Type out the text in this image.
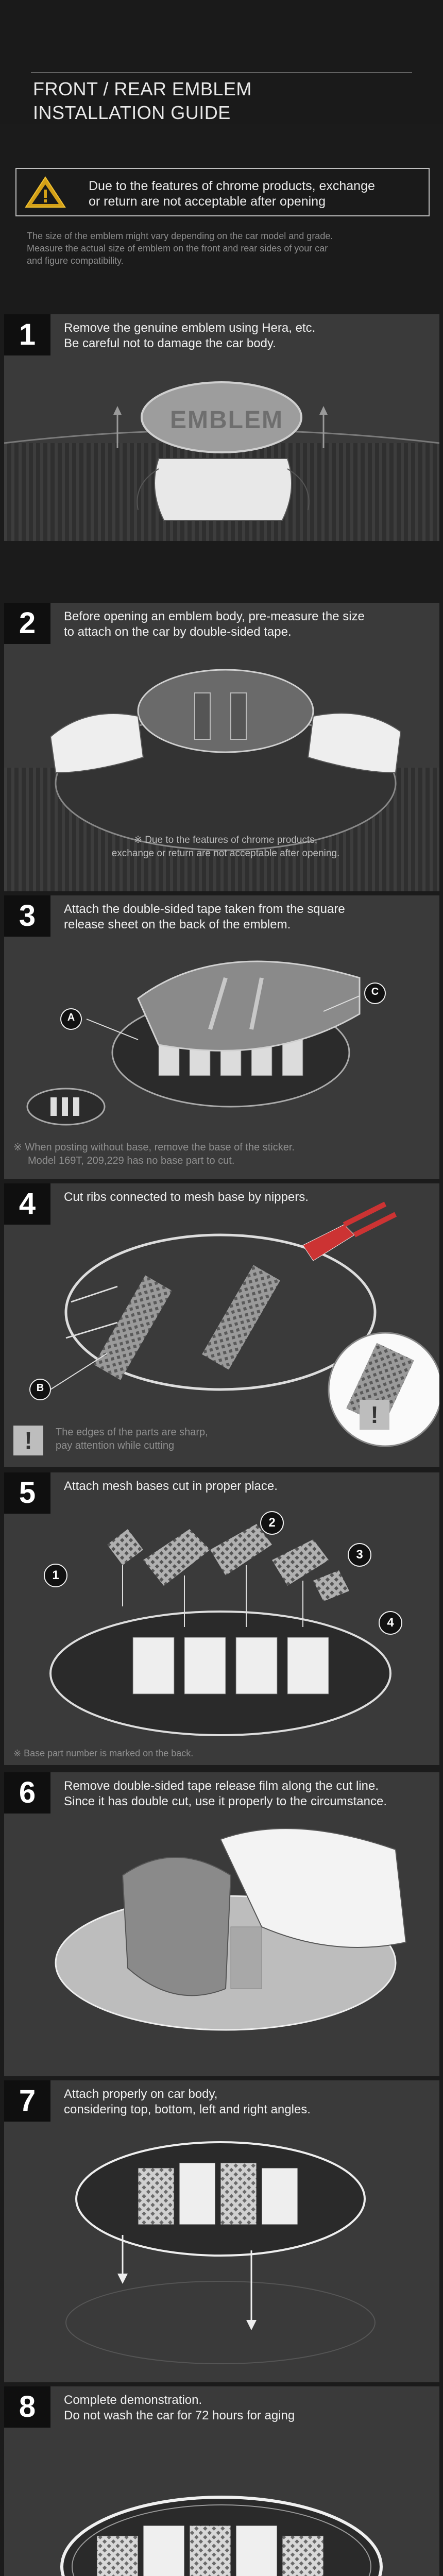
FRONT / REAR EMBLEM
INSTALLATION GUIDE
Due to the features of chrome products, exchange
or return are not acceptable after opening
The size of the emblem might vary depending on the car model and grade.
Measure the actual size of emblem on the front and rear sides of your car
and figure compatibility.
1	Remove the genuine emblem using Hera, etc.
Be careful not to damage the car body.
EMBLEM
2	Before opening an emblem body, pre-measure the size
to attach on the car by double-sided tape.
※ Due to the features of chrome products,
exchange or return are not acceptable after opening.
A
C
3	Attach the double-sided tape taken from the square
release sheet on the back of the emblem.
※ When posting without base, remove the base of the sticker.
Model 169T, 209,229 has no base part to cut.
B
!
4	Cut ribs connected to mesh base by nippers.
!	The edges of the parts are sharp,
pay attention while cutting
1
2
3
4
5	Attach mesh bases cut in proper place.
※ Base part number is marked on the back.
6	Remove double-sided tape release film along the cut line.
Since it has double cut, use it properly to the circumstance.
7	Attach properly on car body,
considering top, bottom, left and right angles.
8	Complete demonstration.
Do not wash the car for 72 hours for aging
